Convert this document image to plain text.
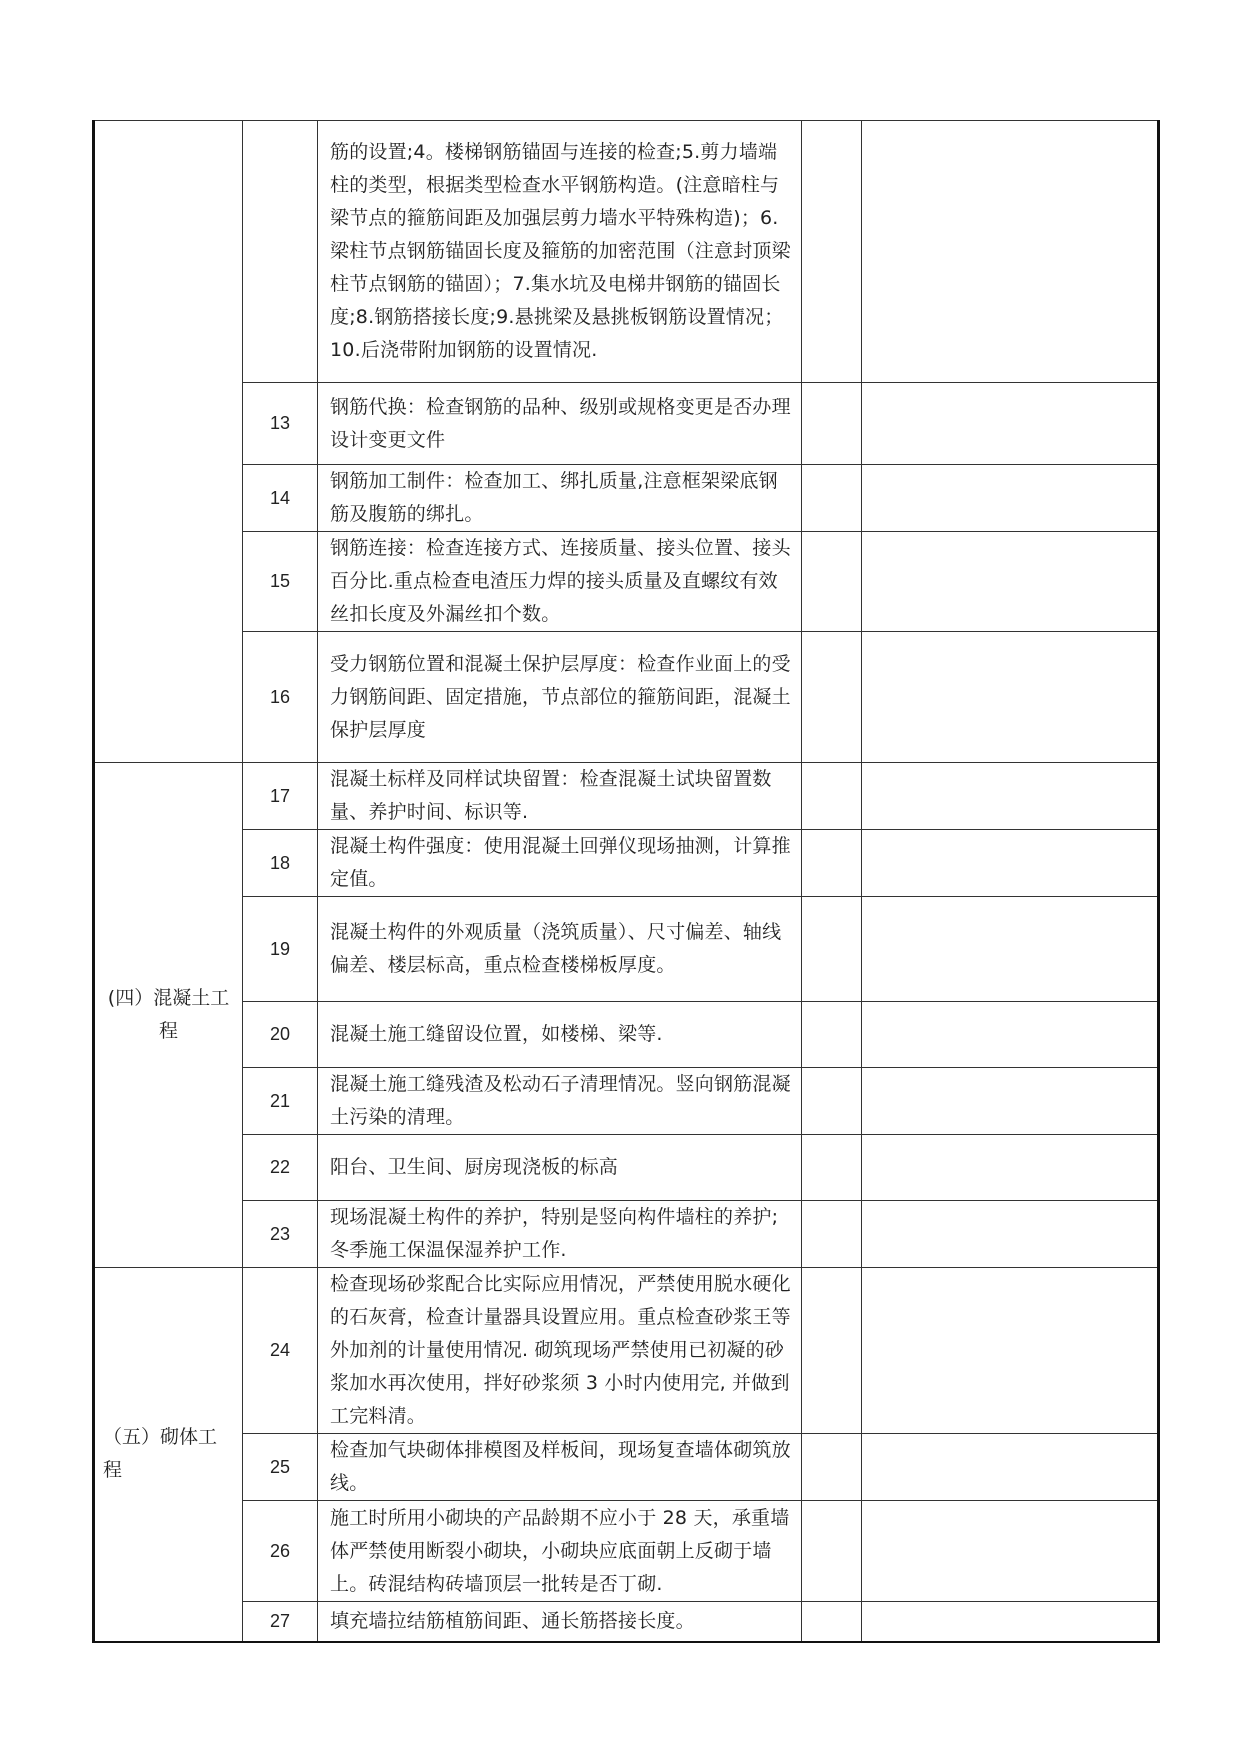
		筋的设置;4。楼梯钢筋锚固与连接的检查;5.剪力墙端柱的类型，根据类型检查水平钢筋构造。(注意暗柱与梁节点的箍筋间距及加强层剪力墙水平特殊构造)；6. 梁柱节点钢筋锚固长度及箍筋的加密范围（注意封顶梁柱节点钢筋的锚固）；7.集水坑及电梯井钢筋的锚固长度;8.钢筋搭接长度;9.悬挑梁及悬挑板钢筋设置情况；10.后浇带附加钢筋的设置情况.		
	13	钢筋代换：检查钢筋的品种、级别或规格变更是否办理设计变更文件		
	14	钢筋加工制件：检查加工、绑扎质量,注意框架梁底钢筋及腹筋的绑扎。		
	15	钢筋连接：检查连接方式、连接质量、接头位置、接头百分比.重点检查电渣压力焊的接头质量及直螺纹有效丝扣长度及外漏丝扣个数。		
	16	受力钢筋位置和混凝土保护层厚度：检查作业面上的受力钢筋间距、固定措施，节点部位的箍筋间距，混凝土保护层厚度		
(四）混凝土工程	17	混凝土标样及同样试块留置：检查混凝土试块留置数量、养护时间、标识等.		
	18	混凝土构件强度：使用混凝土回弹仪现场抽测，计算推定值。		
	19	混凝土构件的外观质量（浇筑质量）、尺寸偏差、轴线偏差、楼层标高，重点检查楼梯板厚度。		
	20	混凝土施工缝留设位置，如楼梯、梁等.		
	21	混凝土施工缝残渣及松动石子清理情况。竖向钢筋混凝土污染的清理。		
	22	阳台、卫生间、厨房现浇板的标高		
	23	现场混凝土构件的养护，特别是竖向构件墙柱的养护;冬季施工保温保湿养护工作.		
（五）砌体工程	24	检查现场砂浆配合比实际应用情况，严禁使用脱水硬化的石灰膏，检查计量器具设置应用。重点检查砂浆王等外加剂的计量使用情况. 砌筑现场严禁使用已初凝的砂浆加水再次使用，拌好砂浆须 3 小时内使用完, 并做到工完料清。		
	25	检查加气块砌体排模图及样板间，现场复查墙体砌筑放线。		
	26	施工时所用小砌块的产品龄期不应小于 28 天，承重墙体严禁使用断裂小砌块，小砌块应底面朝上反砌于墙上。砖混结构砖墙顶层一批转是否丁砌.		
	27	填充墙拉结筋植筋间距、通长筋搭接长度。		
